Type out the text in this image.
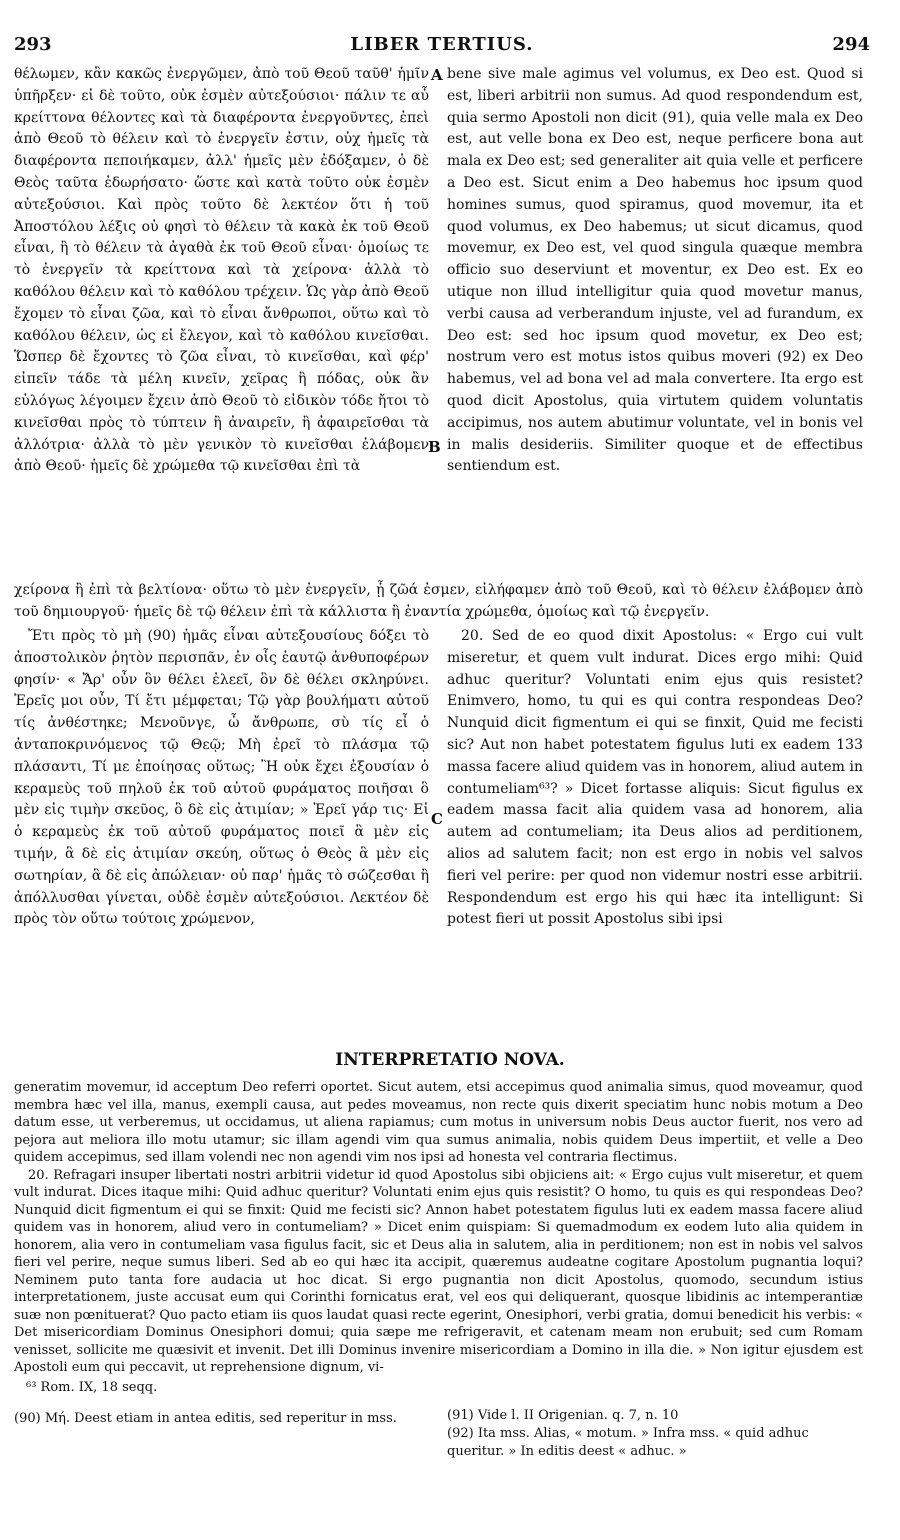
293	LIBER TERTIUS.	294

θέλωμεν, κἂν κακῶς ἐνεργῶμεν, ἀπὸ τοῦ Θεοῦ ταῦθ' ἡμῖν ὑπῆρξεν· εἰ δὲ τοῦτο, οὐκ ἐσμὲν αὐτεξούσιοι· πάλιν τε αὖ κρείττονα θέλοντες καὶ τὰ διαφέροντα ἐνεργοῦντες, ἐπεὶ ἀπὸ Θεοῦ τὸ θέλειν καὶ τὸ ἐνεργεῖν ἐστιν, οὐχ ἡμεῖς τὰ διαφέροντα πεποιήκαμεν, ἀλλ' ἡμεῖς μὲν ἐδόξαμεν, ὁ δὲ Θεὸς ταῦτα ἐδωρήσατο· ὥστε καὶ κατὰ τοῦτο οὐκ ἐσμὲν αὐτεξούσιοι. Καὶ πρὸς τοῦτο δὲ λεκτέον ὅτι ἡ τοῦ Ἀποστόλου λέξις οὐ φησὶ τὸ θέλειν τὰ κακὰ ἐκ τοῦ Θεοῦ εἶναι, ἢ τὸ θέλειν τὰ ἀγαθὰ ἐκ τοῦ Θεοῦ εἶναι· ὁμοίως τε τὸ ἐνεργεῖν τὰ κρείττονα καὶ τὰ χείρονα· ἀλλὰ τὸ καθόλου θέλειν καὶ τὸ καθόλου τρέχειν. Ὡς γὰρ ἀπὸ Θεοῦ ἔχομεν τὸ εἶναι ζῶα, καὶ τὸ εἶναι ἄνθρωποι, οὕτω καὶ τὸ καθόλου θέλειν, ὡς εἰ ἔλεγον, καὶ τὸ καθόλου κινεῖσθαι. Ὥσπερ δὲ ἔχοντες τὸ ζῶα εἶναι, τὸ κινεῖσθαι, καὶ φέρ' εἰπεῖν τάδε τὰ μέλη κινεῖν, χεῖρας ἢ πόδας, οὐκ ἂν εὐλόγως λέγοιμεν ἔχειν ἀπὸ Θεοῦ τὸ εἰδικὸν τόδε ἤτοι τὸ κινεῖσθαι πρὸς τὸ τύπτειν ἢ ἀναιρεῖν, ἢ ἀφαιρεῖσθαι τὰ ἀλλότρια· ἀλλὰ τὸ μὲν γενικὸν τὸ κινεῖσθαι ἐλάβομεν ἀπὸ Θεοῦ· ἡμεῖς δὲ χρώμεθα τῷ κινεῖσθαι ἐπὶ τὰ

bene sive male agimus vel volumus, ex Deo est. Quod si est, liberi arbitrii non sumus. Ad quod respondendum est, quia sermo Apostoli non dicit (91), quia velle mala ex Deo est, aut velle bona ex Deo est, neque perficere bona aut mala ex Deo est; sed generaliter ait quia velle et perficere a Deo est. Sicut enim a Deo habemus hoc ipsum quod homines sumus, quod spiramus, quod movemur, ita et quod volumus, ex Deo habemus; ut sicut dicamus, quod movemur, ex Deo est, vel quod singula quæque membra officio suo deserviunt et moventur, ex Deo est. Ex eo utique non illud intelligitur quia quod movetur manus, verbi causa ad verberandum injuste, vel ad furandum, ex Deo est: sed hoc ipsum quod movetur, ex Deo est; nostrum vero est motus istos quibus moveri (92) ex Deo habemus, vel ad bona vel ad mala convertere. Ita ergo est quod dicit Apostolus, quia virtutem quidem voluntatis accipimus, nos autem abutimur voluntate, vel in bonis vel in malis desideriis. Similiter quoque et de effectibus sentiendum est.

A
B
C
χείρονα ἢ ἐπὶ τὰ βελτίονα· οὕτω τὸ μὲν ἐνεργεῖν, ᾗ ζῶά ἐσμεν, εἰλήφαμεν ἀπὸ τοῦ Θεοῦ, καὶ τὸ θέλειν ἐλάβομεν ἀπὸ τοῦ δημιουργοῦ· ἡμεῖς δὲ τῷ θέλειν ἐπὶ τὰ κάλλιστα ἢ ἐναντία χρώμεθα, ὁμοίως καὶ τῷ ἐνεργεῖν.

Ἔτι πρὸς τὸ μὴ (90) ἡμᾶς εἶναι αὐτεξουσίους δόξει τὸ ἀποστολικὸν ῥητὸν περισπᾶν, ἐν οἷς ἑαυτῷ ἀνθυποφέρων φησίν· « Ἄρ' οὖν ὃν θέλει ἐλεεῖ, ὃν δὲ θέλει σκληρύνει. Ἐρεῖς μοι οὖν, Τί ἔτι μέμφεται; Τῷ γὰρ βουλήματι αὐτοῦ τίς ἀνθέστηκε; Μενοῦνγε, ὦ ἄνθρωπε, σὺ τίς εἶ ὁ ἀνταποκρινόμενος τῷ Θεῷ; Μὴ ἐρεῖ τὸ πλάσμα τῷ πλάσαντι, Τί με ἐποίησας οὕτως; Ἢ οὐκ ἔχει ἐξουσίαν ὁ κεραμεὺς τοῦ πηλοῦ ἐκ τοῦ αὐτοῦ φυράματος ποιῆσαι ὃ μὲν εἰς τιμὴν σκεῦος, ὃ δὲ εἰς ἀτιμίαν; » Ἐρεῖ γάρ τις· Εἰ ὁ κεραμεὺς ἐκ τοῦ αὐτοῦ φυράματος ποιεῖ ἃ μὲν εἰς τιμήν, ἃ δὲ εἰς ἀτιμίαν σκεύη, οὕτως ὁ Θεὸς ἃ μὲν εἰς σωτηρίαν, ἃ δὲ εἰς ἀπώλειαν· οὐ παρ' ἡμᾶς τὸ σώζεσθαι ἢ ἀπόλλυσθαι γίνεται, οὐδὲ ἐσμὲν αὐτεξούσιοι. Λεκτέον δὲ πρὸς τὸν οὕτω τούτοις χρώμενον,

20. Sed de eo quod dixit Apostolus: « Ergo cui vult miseretur, et quem vult indurat. Dices ergo mihi: Quid adhuc queritur? Voluntati enim ejus quis resistet? Enimvero, homo, tu qui es qui contra respondeas Deo? Nunquid dicit figmentum ei qui se finxit, Quid me fecisti sic? Aut non habet potestatem figulus luti ex eadem 133 massa facere aliud quidem vas in honorem, aliud autem in contumeliam⁶³? » Dicet fortasse aliquis: Sicut figulus ex eadem massa facit alia quidem vasa ad honorem, alia autem ad contumeliam; ita Deus alios ad perditionem, alios ad salutem facit; non est ergo in nobis vel salvos fieri vel perire: per quod non videmur nostri esse arbitrii. Respondendum est ergo his qui hæc ita intelligunt: Si potest fieri ut possit Apostolus sibi ipsi

INTERPRETATIO NOVA.

generatim movemur, id acceptum Deo referri oportet. Sicut autem, etsi accepimus quod animalia simus, quod moveamur, quod membra hæc vel illa, manus, exempli causa, aut pedes moveamus, non recte quis dixerit speciatim hunc nobis motum a Deo datum esse, ut verberemus, ut occidamus, ut aliena rapiamus; cum motus in universum nobis Deus auctor fuerit, nos vero ad pejora aut meliora illo motu utamur; sic illam agendi vim qua sumus animalia, nobis quidem Deus impertiit, et velle a Deo quidem accepimus, sed illam volendi nec non agendi vim nos ipsi ad honesta vel contraria flectimus.

20. Refragari insuper libertati nostri arbitrii videtur id quod Apostolus sibi objiciens ait: « Ergo cujus vult miseretur, et quem vult indurat. Dices itaque mihi: Quid adhuc queritur? Voluntati enim ejus quis resistit? O homo, tu quis es qui respondeas Deo? Nunquid dicit figmentum ei qui se finxit: Quid me fecisti sic? Annon habet potestatem figulus luti ex eadem massa facere aliud quidem vas in honorem, aliud vero in contumeliam? » Dicet enim quispiam: Si quemadmodum ex eodem luto alia quidem in honorem, alia vero in contumeliam vasa figulus facit, sic et Deus alia in salutem, alia in perditionem; non est in nobis vel salvos fieri vel perire, neque sumus liberi. Sed ab eo qui hæc ita accipit, quæremus audeatne cogitare Apostolum pugnantia loqui? Neminem puto tanta fore audacia ut hoc dicat. Si ergo pugnantia non dicit Apostolus, quomodo, secundum istius interpretationem, juste accusat eum qui Corinthi fornicatus erat, vel eos qui deliquerant, quosque libidinis ac intemperantiæ suæ non pœnituerat? Quo pacto etiam iis quos laudat quasi recte egerint, Onesiphori, verbi gratia, domui benedicit his verbis: « Det misericordiam Dominus Onesiphori domui; quia sæpe me refrigeravit, et catenam meam non erubuit; sed cum Romam venisset, sollicite me quæsivit et invenit. Det illi Dominus invenire misericordiam a Domino in illa die. » Non igitur ejusdem est Apostoli eum qui peccavit, ut reprehensione dignum, vi-

⁶³ Rom. IX, 18 seqq.

(90) Μή. Deest etiam in antea editis, sed reperitur in mss.	(91) Vide l. II Origenian. q. 7, n. 10

(92) Ita mss. Alias, « motum. » Infra mss. « quid adhuc queritur. » In editis deest « adhuc. »
